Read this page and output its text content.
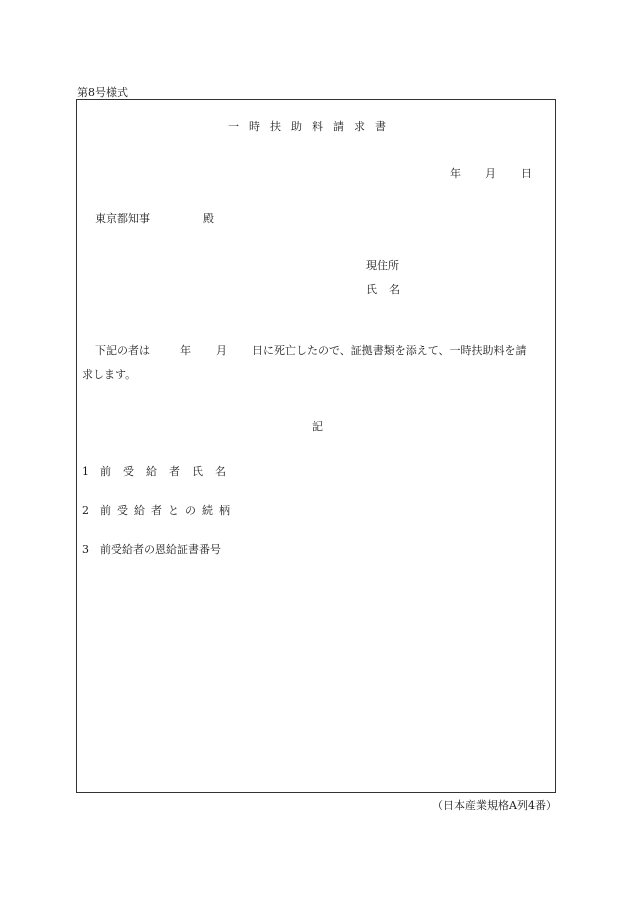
第8号様式
一時扶助料請求書
年 月 日
東京都知事	殿
現住所
氏名
下記の者は	年 月 日に死亡したので、証拠書類を添えて、一時扶助料を請
求します。
記
1 前受給者氏名
2 前受給者との続柄
3 前受給者の恩給証書番号
（日本産業規格A列4番）
